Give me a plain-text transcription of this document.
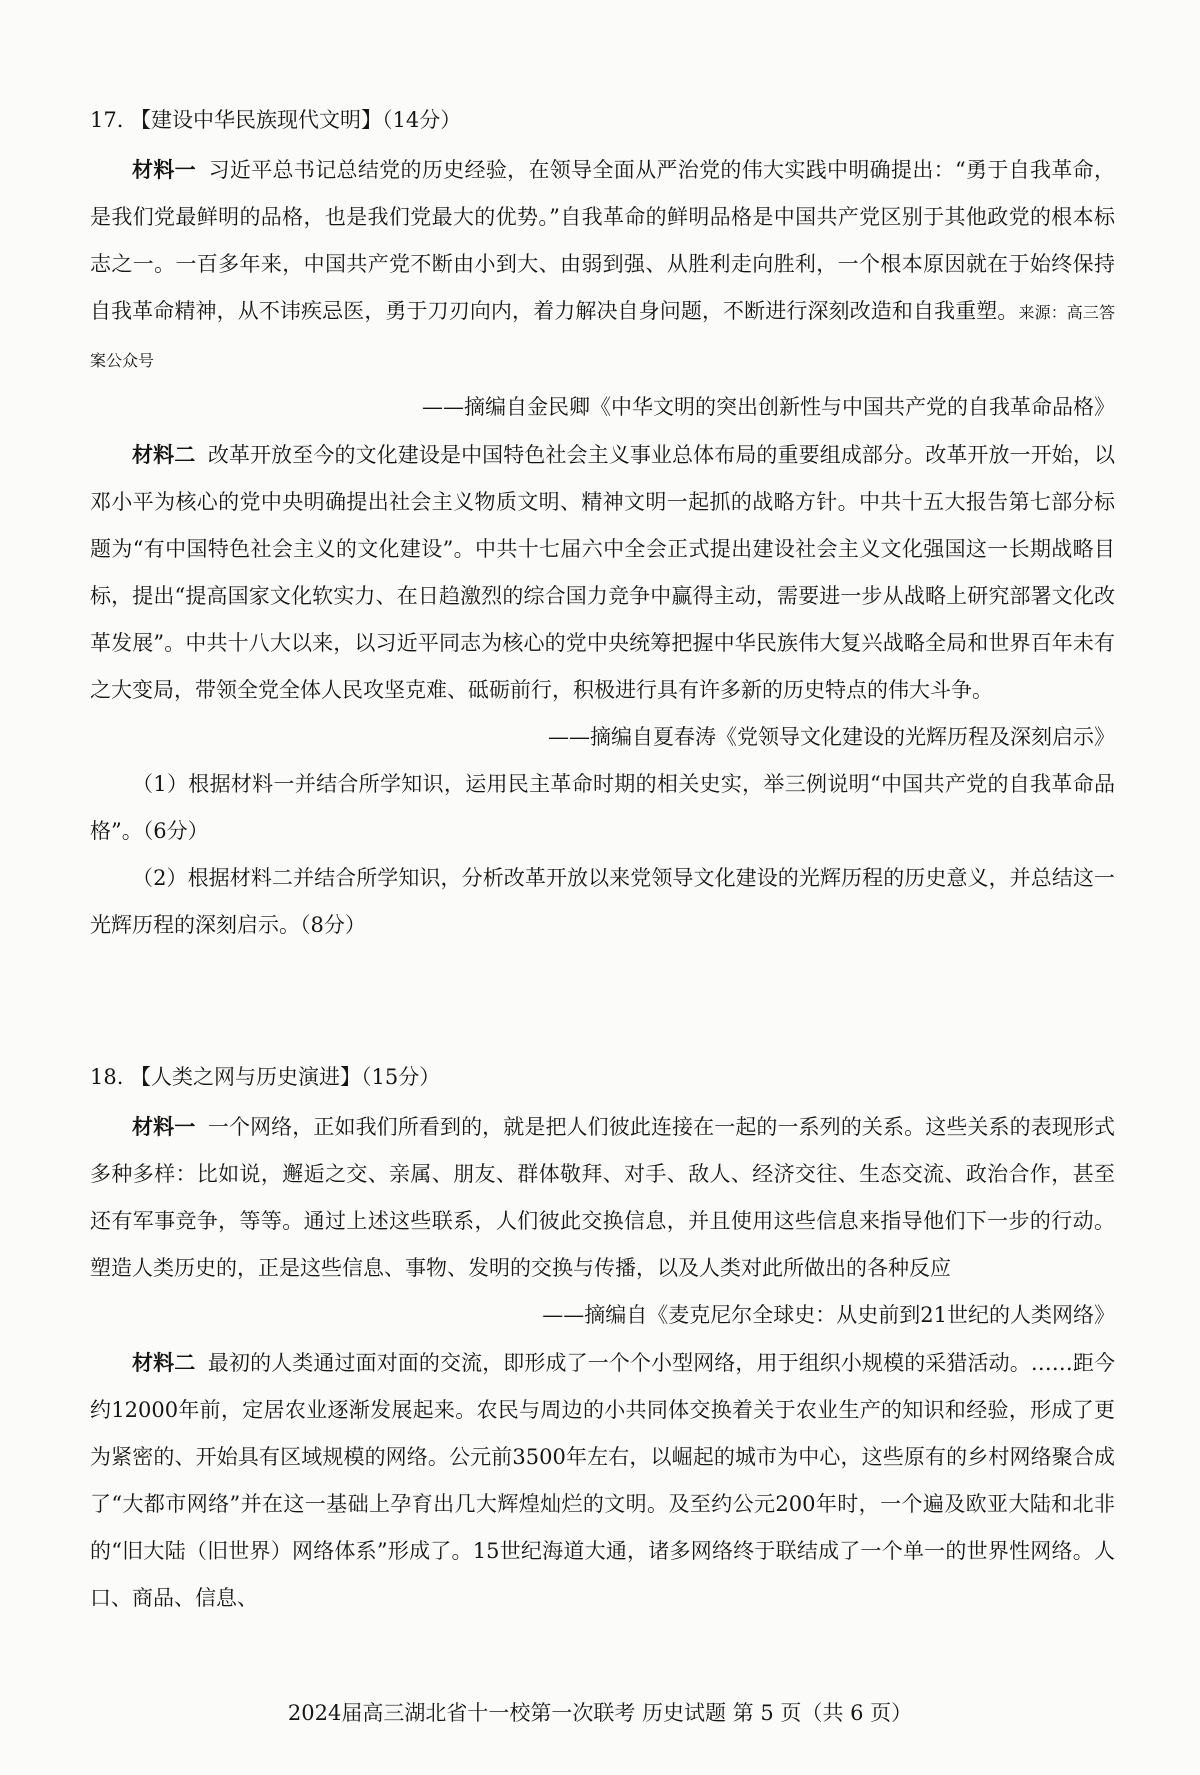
17. 【建设中华民族现代文明】（14分）

材料一 习近平总书记总结党的历史经验，在领导全面从严治党的伟大实践中明确提出：“勇于自我革命，是我们党最鲜明的品格，也是我们党最大的优势。”自我革命的鲜明品格是中国共产党区别于其他政党的根本标志之一。一百多年来，中国共产党不断由小到大、由弱到强、从胜利走向胜利，一个根本原因就在于始终保持自我革命精神，从不讳疾忌医，勇于刀刃向内，着力解决自身问题，不断进行深刻改造和自我重塑。来源：高三答案公众号

——摘编自金民卿《中华文明的突出创新性与中国共产党的自我革命品格》

材料二 改革开放至今的文化建设是中国特色社会主义事业总体布局的重要组成部分。改革开放一开始，以邓小平为核心的党中央明确提出社会主义物质文明、精神文明一起抓的战略方针。中共十五大报告第七部分标题为“有中国特色社会主义的文化建设”。中共十七届六中全会正式提出建设社会主义文化强国这一长期战略目标，提出“提高国家文化软实力、在日趋激烈的综合国力竞争中赢得主动，需要进一步从战略上研究部署文化改革发展”。中共十八大以来，以习近平同志为核心的党中央统筹把握中华民族伟大复兴战略全局和世界百年未有之大变局，带领全党全体人民攻坚克难、砥砺前行，积极进行具有许多新的历史特点的伟大斗争。

——摘编自夏春涛《党领导文化建设的光辉历程及深刻启示》

（1）根据材料一并结合所学知识，运用民主革命时期的相关史实，举三例说明“中国共产党的自我革命品格”。（6分）

（2）根据材料二并结合所学知识，分析改革开放以来党领导文化建设的光辉历程的历史意义，并总结这一光辉历程的深刻启示。（8分）

18. 【人类之网与历史演进】（15分）

材料一 一个网络，正如我们所看到的，就是把人们彼此连接在一起的一系列的关系。这些关系的表现形式多种多样：比如说，邂逅之交、亲属、朋友、群体敬拜、对手、敌人、经济交往、生态交流、政治合作，甚至还有军事竞争，等等。通过上述这些联系，人们彼此交换信息，并且使用这些信息来指导他们下一步的行动。塑造人类历史的，正是这些信息、事物、发明的交换与传播，以及人类对此所做出的各种反应

——摘编自《麦克尼尔全球史：从史前到21世纪的人类网络》

材料二 最初的人类通过面对面的交流，即形成了一个个小型网络，用于组织小规模的采猎活动。……距今约12000年前，定居农业逐渐发展起来。农民与周边的小共同体交换着关于农业生产的知识和经验，形成了更为紧密的、开始具有区域规模的网络。公元前3500年左右，以崛起的城市为中心，这些原有的乡村网络聚合成了“大都市网络”并在这一基础上孕育出几大辉煌灿烂的文明。及至约公元200年时，一个遍及欧亚大陆和北非的“旧大陆（旧世界）网络体系”形成了。15世纪海道大通，诸多网络终于联结成了一个单一的世界性网络。人口、商品、信息、

2024届高三湖北省十一校第一次联考 历史试题 第 5 页（共 6 页）
